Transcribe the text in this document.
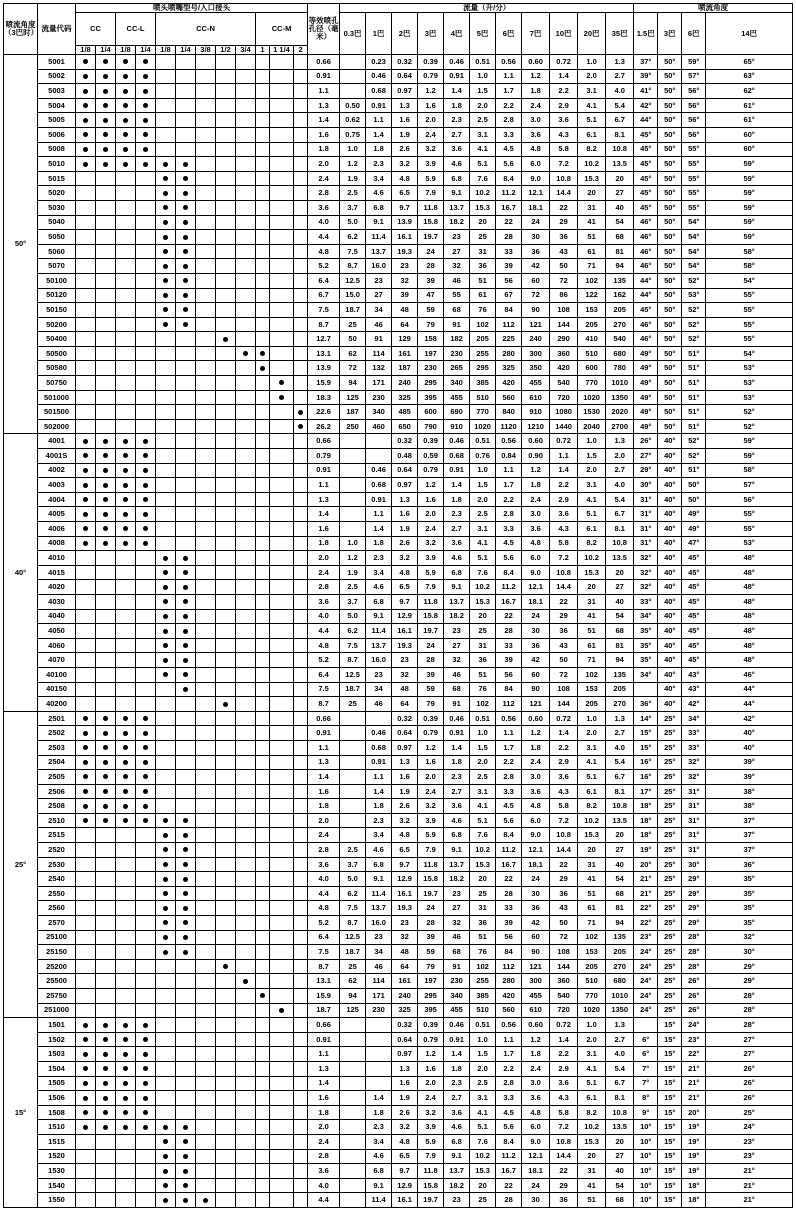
喷流角度（3巴时）	流量代码	喷头喷嘴型号/入口接头												等效喷孔孔径（毫米）	流量（升/分）											喷流角度			
		CC		CC-L		CC-N					CC-M				0.3巴	1巴	2巴	3巴	4巴	5巴	6巴	7巴	10巴	20巴	35巴	1.5巴	3巴	6巴	14巴
		1/8	1/4	1/8	1/4	1/8	1/4	3/8	1/2	3/4	1	1 1/4	2																
50°	5001													0.66		0.23	0.32	0.39	0.46	0.51	0.56	0.60	0.72	1.0	1.3	37°	50°	59°	65°
	5002													0.91		0.46	0.64	0.79	0.91	1.0	1.1	1.2	1.4	2.0	2.7	39°	50°	57°	63°
	5003													1.1		0.68	0.97	1.2	1.4	1.5	1.7	1.8	2.2	3.1	4.0	41°	50°	56°	62°
	5004													1.3	0.50	0.91	1.3	1.6	1.8	2.0	2.2	2.4	2.9	4.1	5.4	42°	50°	56°	61°
	5005													1.4	0.62	1.1	1.6	2.0	2.3	2.5	2.8	3.0	3.6	5.1	6.7	44°	50°	56°	61°
	5006													1.6	0.75	1.4	1.9	2.4	2.7	3.1	3.3	3.6	4.3	6.1	8.1	45°	50°	56°	60°
	5008													1.8	1.0	1.8	2.6	3.2	3.6	4.1	4.5	4.8	5.8	8.2	10.8	45°	50°	55°	60°
	5010													2.0	1.2	2.3	3.2	3.9	4.6	5.1	5.6	6.0	7.2	10.2	13.5	45°	50°	55°	59°
	5015													2.4	1.9	3.4	4.8	5.9	6.8	7.6	8.4	9.0	10.8	15.3	20	45°	50°	55°	59°
	5020													2.8	2.5	4.6	6.5	7.9	9.1	10.2	11.2	12.1	14.4	20	27	45°	50°	55°	59°
	5030													3.6	3.7	6.8	9.7	11.8	13.7	15.3	16.7	18.1	22	31	40	45°	50°	55°	59°
	5040													4.0	5.0	9.1	13.9	15.8	18.2	20	22	24	29	41	54	46°	50°	54°	59°
	5050													4.4	6.2	11.4	16.1	19.7	23	25	28	30	36	51	68	46°	50°	54°	59°
	5060													4.8	7.5	13.7	19.3	24	27	31	33	36	43	61	81	46°	50°	54°	58°
	5070													5.2	8.7	16.0	23	28	32	36	39	42	50	71	94	46°	50°	54°	58°
	50100													6.4	12.5	23	32	39	46	51	56	60	72	102	135	44°	50°	52°	54°
	50120													6.7	15.0	27	39	47	55	61	67	72	86	122	162	44°	50°	53°	55°
	50150													7.5	18.7	34	48	59	68	76	84	90	108	153	205	45°	50°	52°	55°
	50200													8.7	25	46	64	79	91	102	112	121	144	205	270	46°	50°	52°	55°
	50400													12.7	50	91	129	158	182	205	225	240	290	410	540	46°	50°	52°	55°
	50500													13.1	62	114	161	197	230	255	280	300	360	510	680	49°	50°	51°	54°
	50580													13.9	72	132	187	230	265	295	325	350	420	600	780	49°	50°	51°	53°
	50750													15.9	94	171	240	295	340	385	420	455	540	770	1010	49°	50°	51°	53°
	501000													18.3	125	230	325	395	455	510	560	610	720	1020	1350	49°	50°	51°	53°
	501500													22.6	187	340	485	600	690	770	840	910	1080	1530	2020	49°	50°	51°	52°
	502000													26.2	250	460	650	790	910	1020	1120	1210	1440	2040	2700	49°	50°	51°	52°
40°	4001													0.66			0.32	0.39	0.46	0.51	0.56	0.60	0.72	1.0	1.3	26°	40°	52°	59°
	4001S													0.79			0.48	0.59	0.68	0.76	0.84	0.90	1.1	1.5	2.0	27°	40°	52°	59°
	4002													0.91		0.46	0.64	0.79	0.91	1.0	1.1	1.2	1.4	2.0	2.7	29°	40°	51°	58°
	4003													1.1		0.68	0.97	1.2	1.4	1.5	1.7	1.8	2.2	3.1	4.0	30°	40°	50°	57°
	4004													1.3		0.91	1.3	1.6	1.8	2.0	2.2	2.4	2.9	4.1	5.4	31°	40°	50°	56°
	4005													1.4		1.1	1.6	2.0	2.3	2.5	2.8	3.0	3.6	5.1	6.7	31°	40°	49°	55°
	4006													1.6		1.4	1.9	2.4	2.7	3.1	3.3	3.6	4.3	6.1	8.1	31°	40°	49°	55°
	4008													1.8	1.0	1.8	2.6	3.2	3.6	4.1	4.5	4.8	5.8	8.2	10.8	31°	40°	47°	53°
	4010													2.0	1.2	2.3	3.2	3.9	4.6	5.1	5.6	6.0	7.2	10.2	13.5	32°	40°	45°	48°
	4015													2.4	1.9	3.4	4.8	5.9	6.8	7.6	8.4	9.0	10.8	15.3	20	32°	40°	45°	48°
	4020													2.8	2.5	4.6	6.5	7.9	9.1	10.2	11.2	12.1	14.4	20	27	32°	40°	45°	48°
	4030													3.6	3.7	6.8	9.7	11.8	13.7	15.3	16.7	18.1	22	31	40	33°	40°	45°	48°
	4040													4.0	5.0	9.1	12.9	15.8	18.2	20	22	24	29	41	54	34°	40°	45°	48°
	4050													4.4	6.2	11.4	16.1	19.7	23	25	28	30	36	51	68	35°	40°	45°	48°
	4060													4.8	7.5	13.7	19.3	24	27	31	33	36	43	61	81	35°	40°	45°	48°
	4070													5.2	8.7	16.0	23	28	32	36	39	42	50	71	94	35°	40°	45°	48°
	40100													6.4	12.5	23	32	39	46	51	56	60	72	102	135	34°	40°	43°	46°
	40150													7.5	18.7	34	48	59	68	76	84	90	108	153	205		40°	43°	44°
	40200													8.7	25	46	64	79	91	102	112	121	144	205	270	36°	40°	42°	44°
25°	2501													0.66			0.32	0.39	0.46	0.51	0.56	0.60	0.72	1.0	1.3	14°	25°	34°	42°
	2502													0.91		0.46	0.64	0.79	0.91	1.0	1.1	1.2	1.4	2.0	2.7	15°	25°	33°	40°
	2503													1.1		0.68	0.97	1.2	1.4	1.5	1.7	1.8	2.2	3.1	4.0	15°	25°	33°	40°
	2504													1.3		0.91	1.3	1.6	1.8	2.0	2.2	2.4	2.9	4.1	5.4	16°	25°	32°	39°
	2505													1.4		1.1	1.6	2.0	2.3	2.5	2.8	3.0	3.6	5.1	6.7	16°	25°	32°	39°
	2506													1.6		1.4	1.9	2.4	2.7	3.1	3.3	3.6	4.3	6.1	8.1	17°	25°	31°	38°
	2508													1.8		1.8	2.6	3.2	3.6	4.1	4.5	4.8	5.8	8.2	10.8	18°	25°	31°	38°
	2510													2.0		2.3	3.2	3.9	4.6	5.1	5.6	6.0	7.2	10.2	13.5	18°	25°	31°	37°
	2515													2.4		3.4	4.8	5.9	6.8	7.6	8.4	9.0	10.8	15.3	20	18°	25°	31°	37°
	2520													2.8	2.5	4.6	6.5	7.9	9.1	10.2	11.2	12.1	14.4	20	27	19°	25°	31°	37°
	2530													3.6	3.7	6.8	9.7	11.8	13.7	15.3	16.7	18.1	22	31	40	20°	25°	30°	36°
	2540													4.0	5.0	9.1	12.9	15.8	18.2	20	22	24	29	41	54	21°	25°	29°	35°
	2550													4.4	6.2	11.4	16.1	19.7	23	25	28	30	36	51	68	21°	25°	29°	35°
	2560													4.8	7.5	13.7	19.3	24	27	31	33	36	43	61	81	22°	25°	29°	35°
	2570													5.2	8.7	16.0	23	28	32	36	39	42	50	71	94	22°	25°	29°	35°
	25100													6.4	12.5	23	32	39	46	51	56	60	72	102	135	23°	25°	28°	32°
	25150													7.5	18.7	34	48	59	68	76	84	90	108	153	205	24°	25°	28°	30°
	25200													8.7	25	46	64	79	91	102	112	121	144	205	270	24°	25°	28°	29°
	25500													13.1	62	114	161	197	230	255	280	300	360	510	680	24°	25°	26°	29°
	25750													15.9	94	171	240	295	340	385	420	455	540	770	1010	24°	25°	26°	28°
	251000													18.7	125	230	325	395	455	510	560	610	720	1020	1350	24°	25°	26°	28°
15°	1501													0.66			0.32	0.39	0.46	0.51	0.56	0.60	0.72	1.0	1.3		15°	24°	28°
	1502													0.91			0.64	0.79	0.91	1.0	1.1	1.2	1.4	2.0	2.7	6°	15°	23°	27°
	1503													1.1			0.97	1.2	1.4	1.5	1.7	1.8	2.2	3.1	4.0	6°	15°	22°	27°
	1504													1.3			1.3	1.6	1.8	2.0	2.2	2.4	2.9	4.1	5.4	7°	15°	21°	26°
	1505													1.4			1.6	2.0	2.3	2.5	2.8	3.0	3.6	5.1	6.7	7°	15°	21°	26°
	1506													1.6		1.4	1.9	2.4	2.7	3.1	3.3	3.6	4.3	6.1	8.1	8°	15°	21°	26°
	1508													1.8		1.8	2.6	3.2	3.6	4.1	4.5	4.8	5.8	8.2	10.8	9°	15°	20°	25°
	1510													2.0		2.3	3.2	3.9	4.6	5.1	5.6	6.0	7.2	10.2	13.5	10°	15°	19°	24°
	1515													2.4		3.4	4.8	5.9	6.8	7.6	8.4	9.0	10.8	15.3	20	10°	15°	19°	23°
	1520													2.8		4.6	6.5	7.9	9.1	10.2	11.2	12.1	14.4	20	27	10°	15°	19°	23°
	1530													3.6		6.8	9.7	11.8	13.7	15.3	16.7	18.1	22	31	40	10°	15°	19°	21°
	1540													4.0		9.1	12.9	15.8	18.2	20	22	24	29	41	54	10°	15°	18°	21°
	1550													4.4		11.4	16.1	19.7	23	25	28	30	36	51	68	10°	15°	18°	21°
